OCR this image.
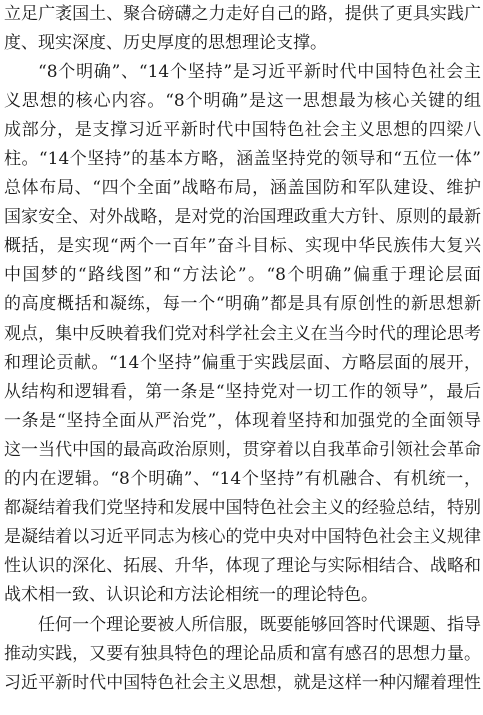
立足广袤国土、聚合磅礴之力走好自己的路，提供了更具实践广
度、现实深度、历史厚度的思想理论支撑。
“8个明确”、“14个坚持”是习近平新时代中国特色社会主
义思想的核心内容。“8个明确”是这一思想最为核心关键的组
成部分，是支撑习近平新时代中国特色社会主义思想的四梁八
柱。“14个坚持”的基本方略，涵盖坚持党的领导和“五位一体”
总体布局、“四个全面”战略布局，涵盖国防和军队建设、维护
国家安全、对外战略，是对党的治国理政重大方针、原则的最新
概括，是实现“两个一百年”奋斗目标、实现中华民族伟大复兴
中国梦的“路线图”和“方法论”。“8个明确”偏重于理论层面
的高度概括和凝练，每一个“明确”都是具有原创性的新思想新
观点，集中反映着我们党对科学社会主义在当今时代的理论思考
和理论贡献。“14个坚持”偏重于实践层面、方略层面的展开，
从结构和逻辑看，第一条是“坚持党对一切工作的领导”，最后
一条是“坚持全面从严治党”，体现着坚持和加强党的全面领导
这一当代中国的最高政治原则，贯穿着以自我革命引领社会革命
的内在逻辑。“8个明确”、“14个坚持”有机融合、有机统一，
都凝结着我们党坚持和发展中国特色社会主义的经验总结，特别
是凝结着以习近平同志为核心的党中央对中国特色社会主义规律
性认识的深化、拓展、升华，体现了理论与实际相结合、战略和
战术相一致、认识论和方法论相统一的理论特色。
任何一个理论要被人所信服，既要能够回答时代课题、指导
推动实践，又要有独具特色的理论品质和富有感召的思想力量。
习近平新时代中国特色社会主义思想，就是这样一种闪耀着理性
